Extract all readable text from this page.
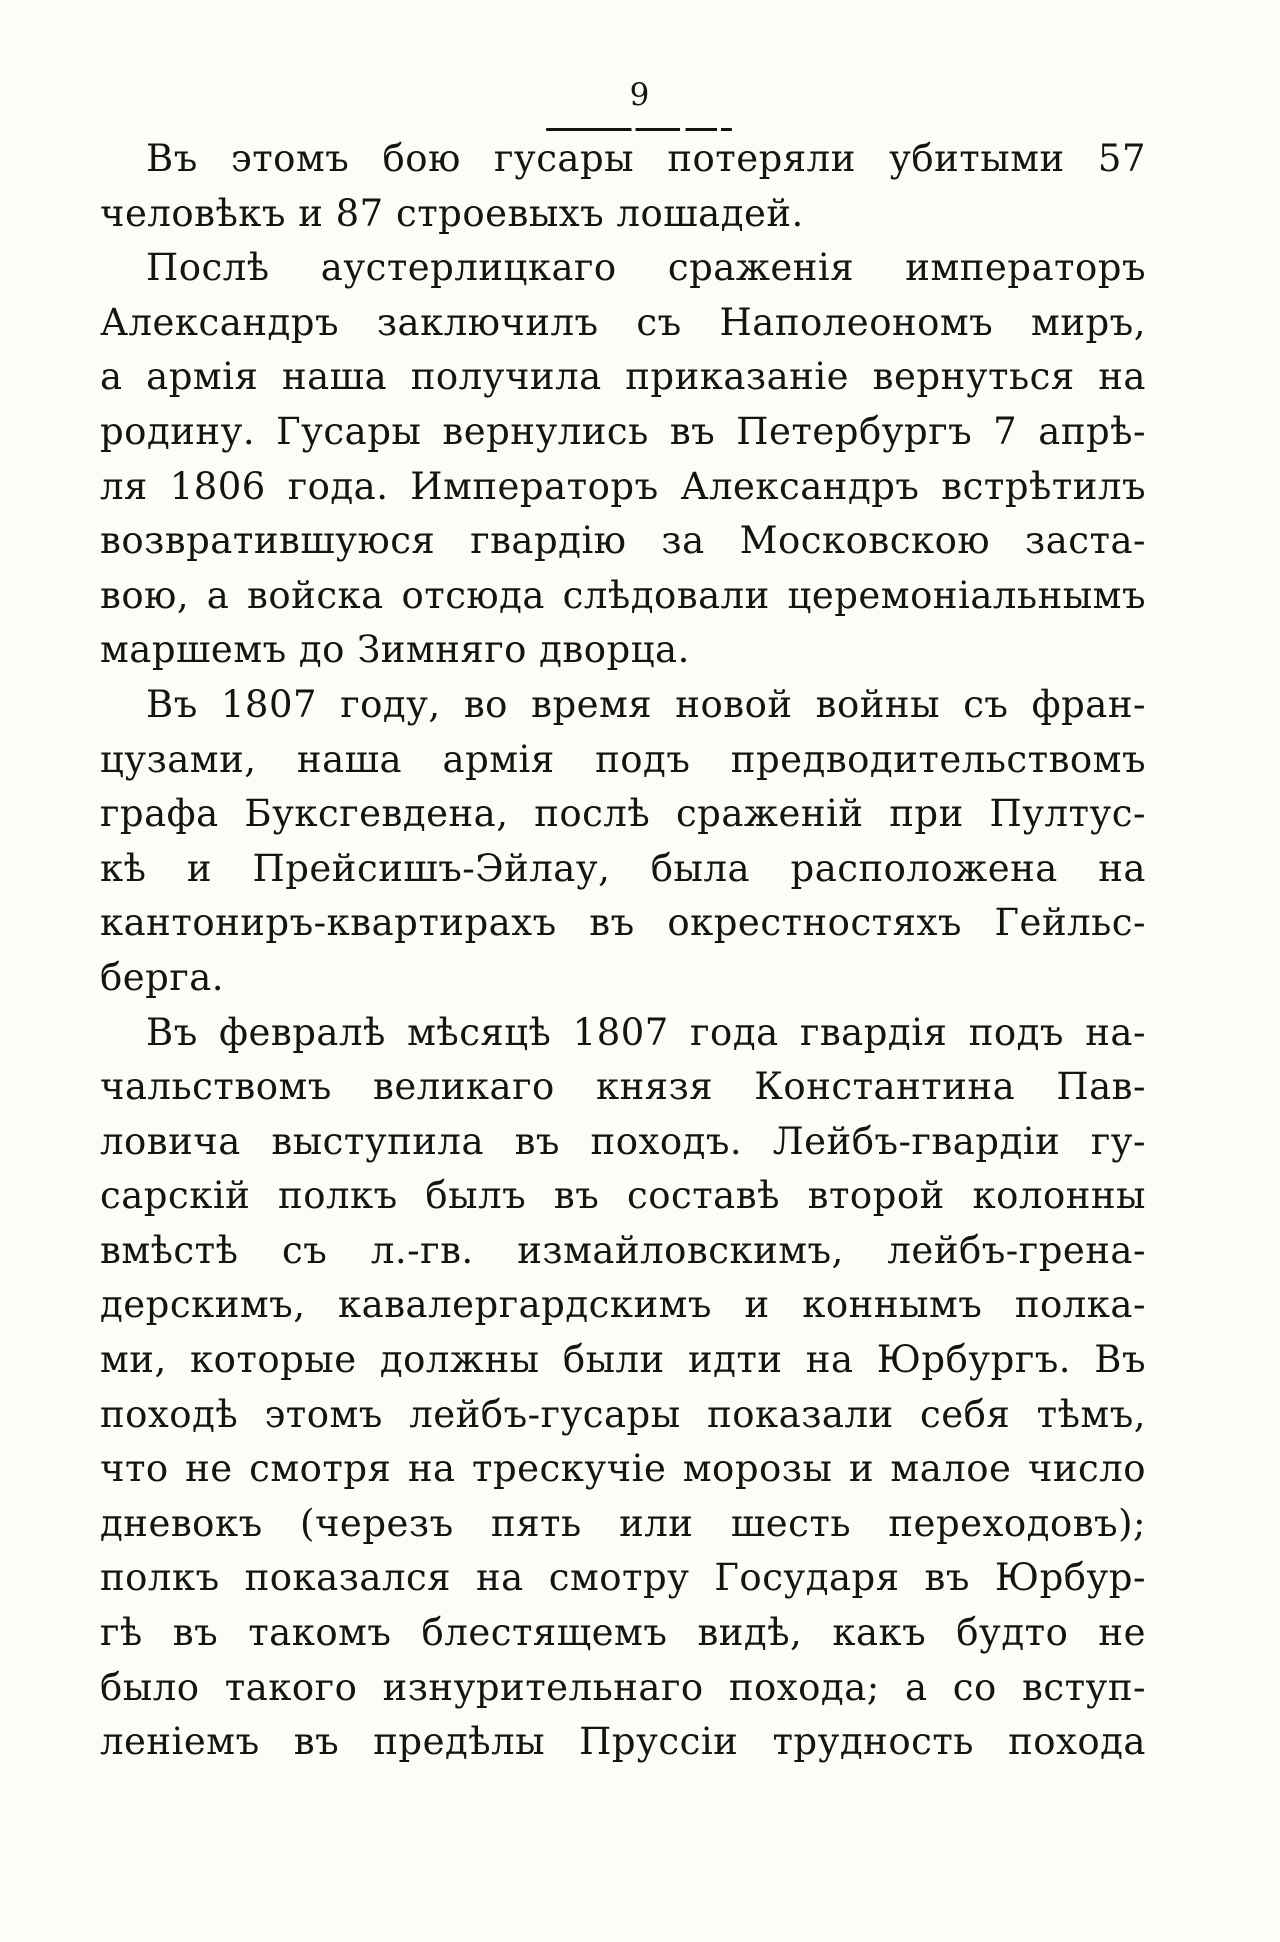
9
Въ этомъ бою гусары потеряли убитыми 57
человѣкъ и 87 строевыхъ лошадей.
Послѣ аустерлицкаго сраженія императоръ
Александръ заключилъ съ Наполеономъ миръ,
а армія наша получила приказаніе вернуться на
родину. Гусары вернулись въ Петербургъ 7 апрѣ-
ля 1806 года. Императоръ Александръ встрѣтилъ
возвратившуюся гвардію за Московскою заста-
вою, а войска отсюда слѣдовали церемоніальнымъ
маршемъ до Зимняго дворца.
Въ 1807 году, во время новой войны съ фран-
цузами, наша армія подъ предводительствомъ
графа Буксгевдена, послѣ сраженій при Пултус-
кѣ и Прейсишъ-Эйлау, была расположена на
кантониръ-квартирахъ въ окрестностяхъ Гейльс-
берга.
Въ февралѣ мѣсяцѣ 1807 года гвардія подъ на-
чальствомъ великаго князя Константина Пав-
ловича выступила въ походъ. Лейбъ-гвардіи гу-
сарскій полкъ былъ въ составѣ второй колонны
вмѣстѣ съ л.-гв. измайловскимъ, лейбъ-грена-
дерскимъ, кавалергардскимъ и коннымъ полка-
ми, которые должны были идти на Юрбургъ. Въ
походѣ этомъ лейбъ-гусары показали себя тѣмъ,
что не смотря на трескучіе морозы и малое число
дневокъ (черезъ пять или шесть переходовъ);
полкъ показался на смотру Государя въ Юрбур-
гѣ въ такомъ блестящемъ видѣ, какъ будто не
было такого изнурительнаго похода; а со вступ-
леніемъ въ предѣлы Пруссіи трудность похода
